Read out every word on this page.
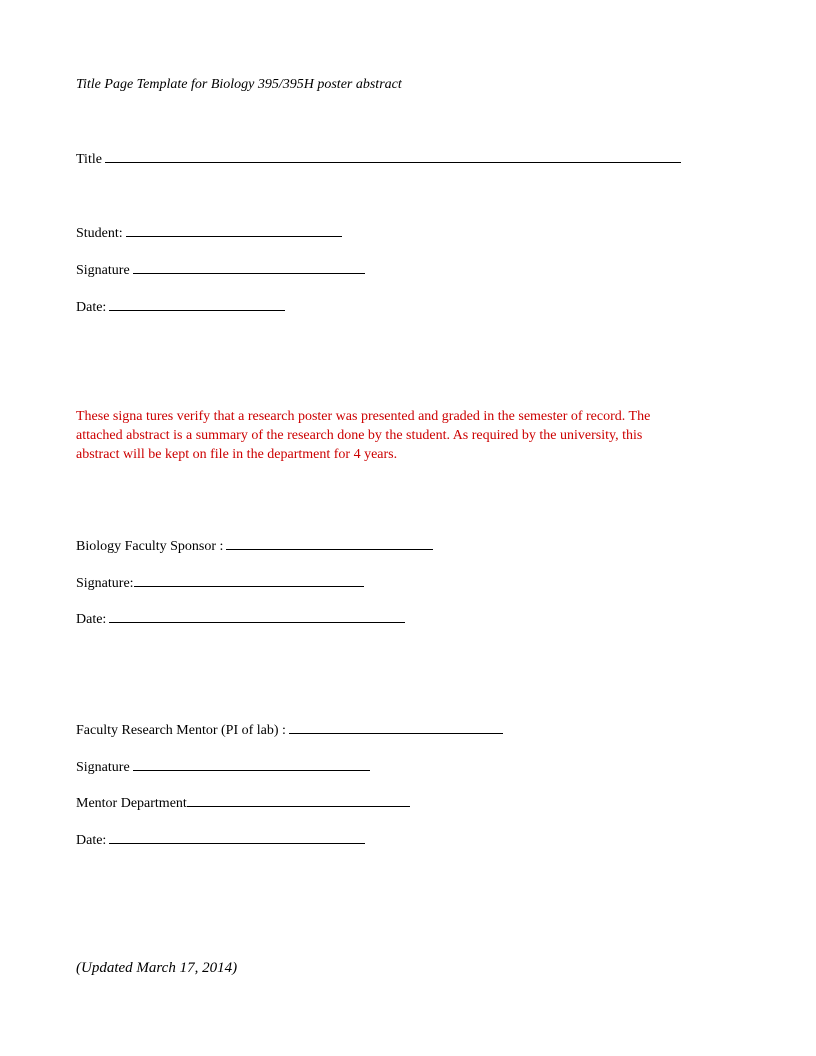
Title Page Template for Biology 395/395H poster abstract
Title
Student:
Signature
Date:

These signa tures verify that a research poster was presented and graded in the semester of record. The

attached abstract is a summary of the research done by the student. As required by the university, this

abstract will be kept on file in the department for 4 years.

Biology Faculty Sponsor :
Signature:
Date:
Faculty Research Mentor (PI of lab) :
Signature
Mentor Department
Date:
(Updated March 17, 2014)
